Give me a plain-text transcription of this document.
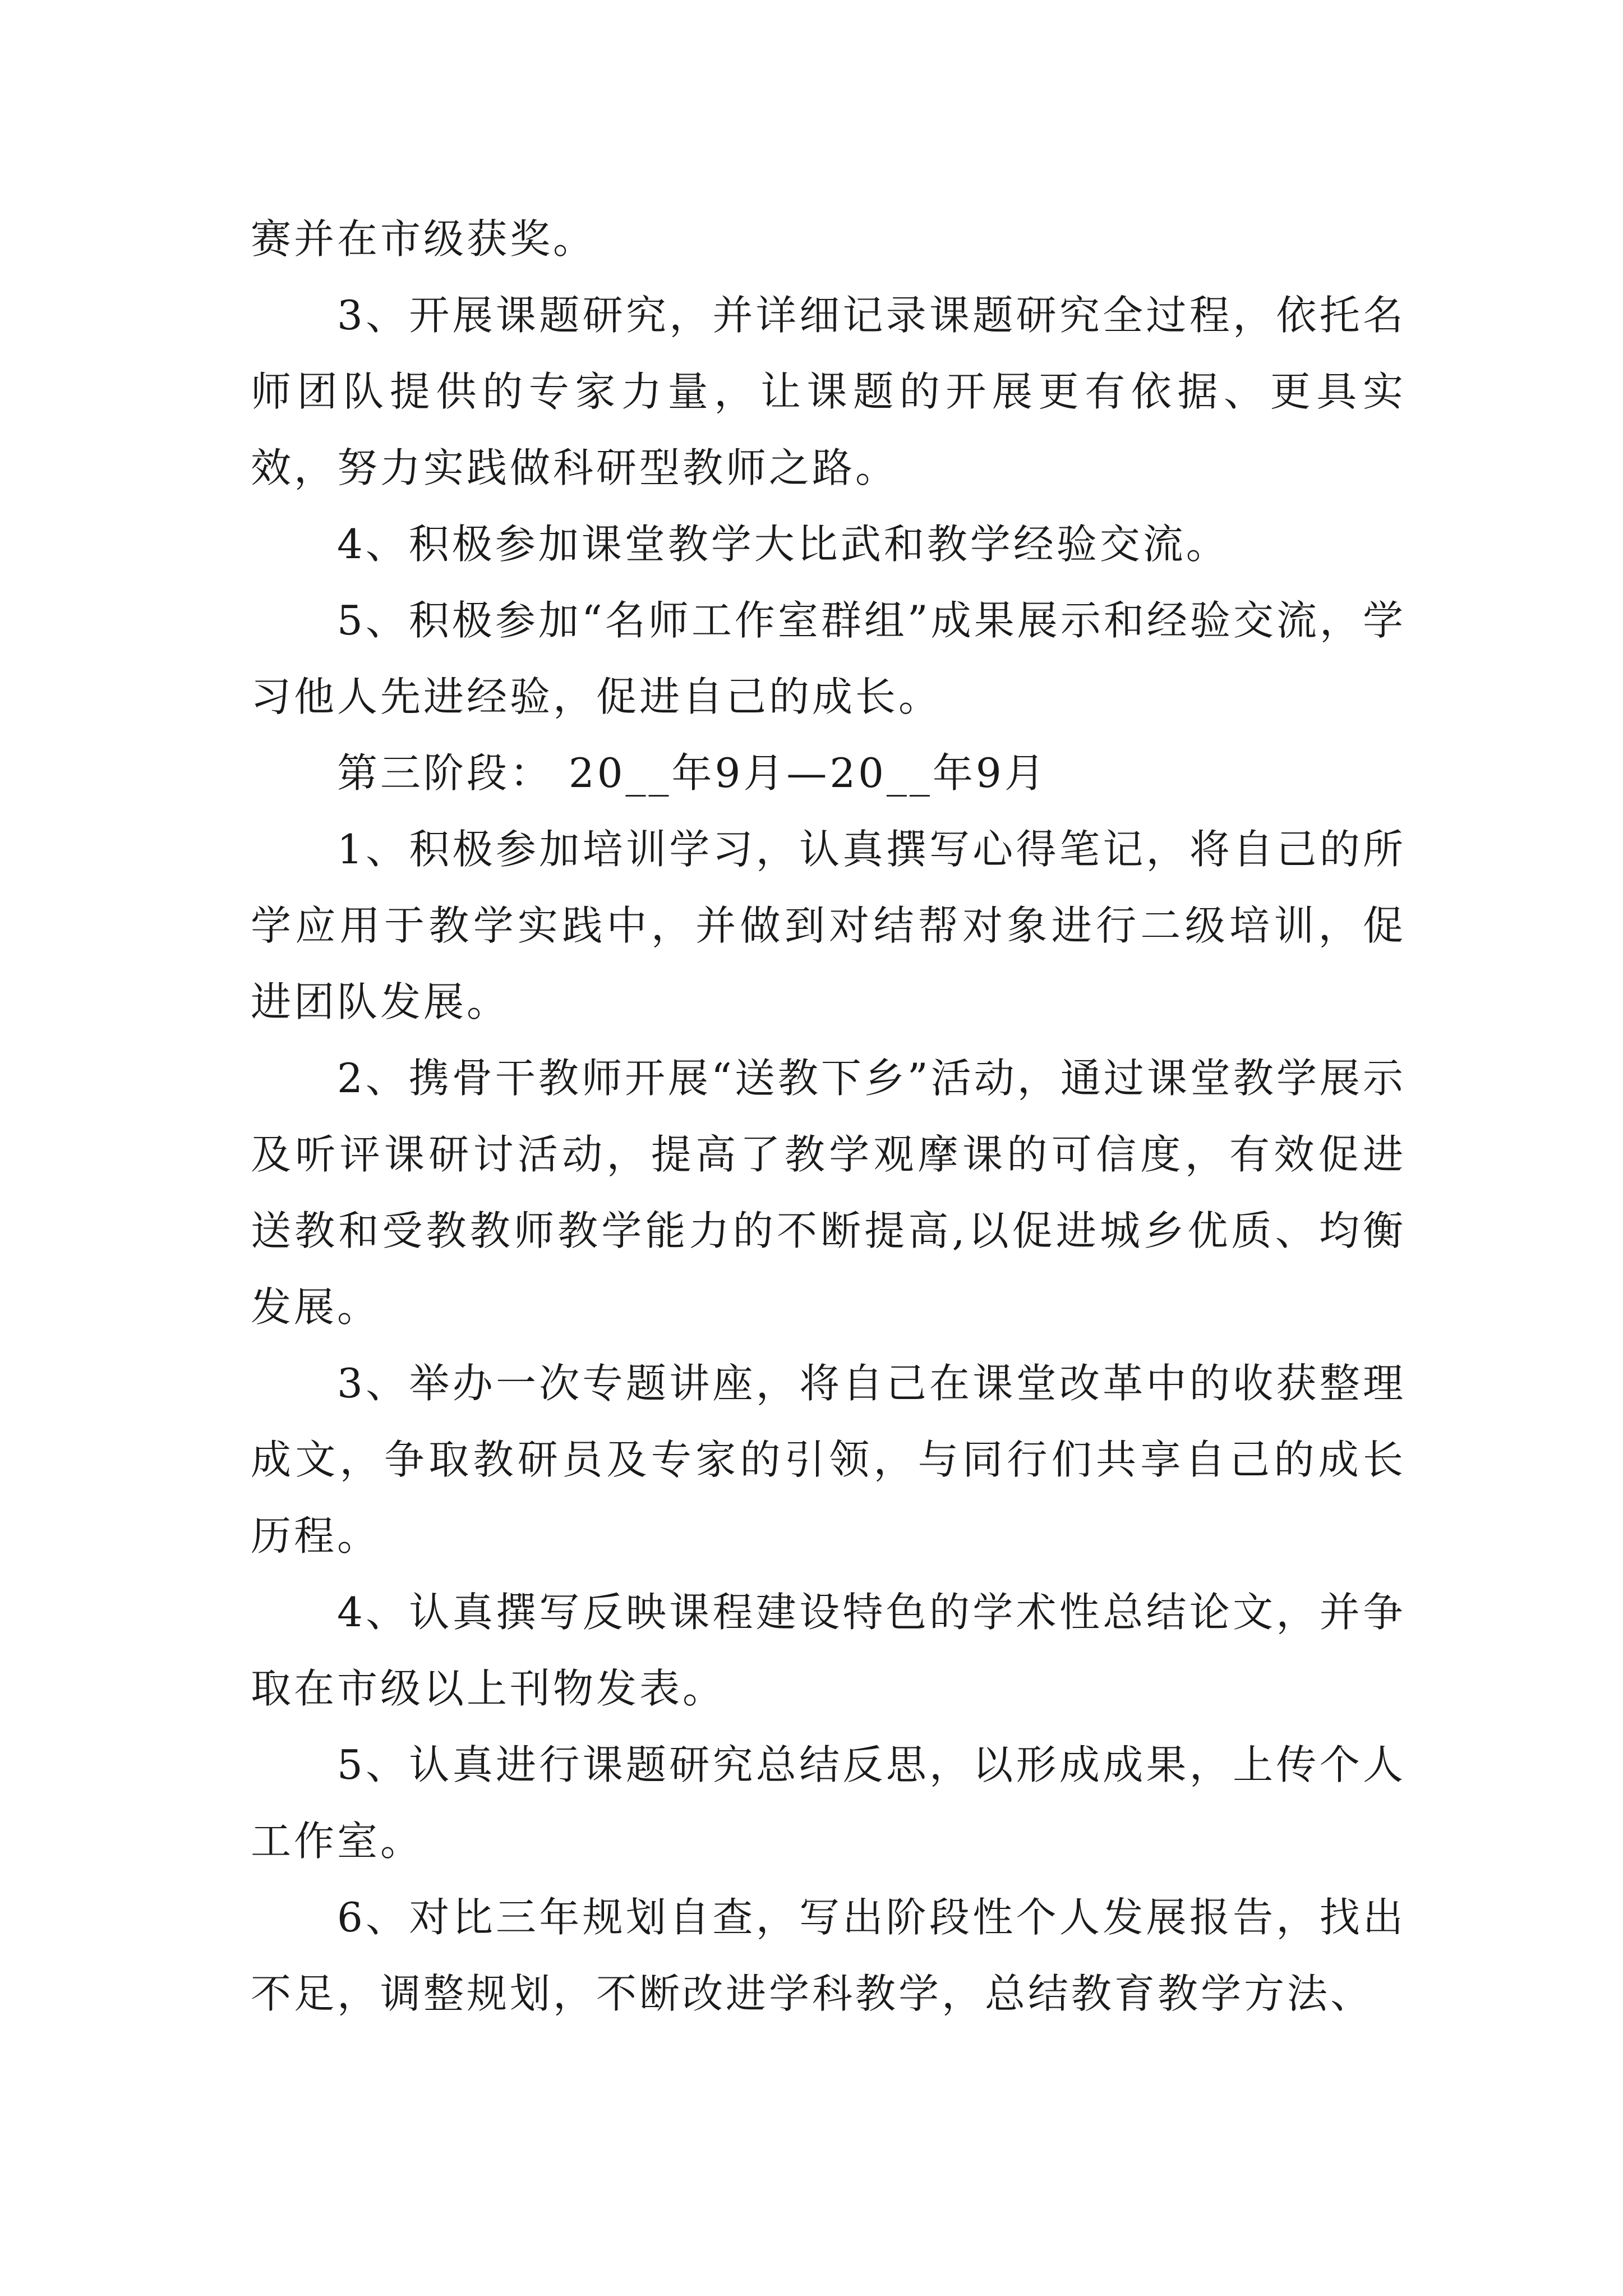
赛并在市级获奖。

3、开展课题研究，并详细记录课题研究全过程，依托名师团队提供的专家力量，让课题的开展更有依据、更具实效，努力实践做科研型教师之路。

4、积极参加课堂教学大比武和教学经验交流。

5、积极参加“名师工作室群组”成果展示和经验交流，学习他人先进经验，促进自己的成长。

第三阶段： 20__年9月—20__年9月

1、积极参加培训学习，认真撰写心得笔记，将自己的所学应用于教学实践中，并做到对结帮对象进行二级培训，促进团队发展。

2、携骨干教师开展“送教下乡”活动，通过课堂教学展示及听评课研讨活动，提高了教学观摩课的可信度，有效促进送教和受教教师教学能力的不断提高,以促进城乡优质、均衡发展。

3、举办一次专题讲座，将自己在课堂改革中的收获整理成文，争取教研员及专家的引领，与同行们共享自己的成长历程。

4、认真撰写反映课程建设特色的学术性总结论文，并争取在市级以上刊物发表。

5、认真进行课题研究总结反思，以形成成果，上传个人工作室。

6、对比三年规划自查，写出阶段性个人发展报告，找出不足，调整规划，不断改进学科教学，总结教育教学方法、
